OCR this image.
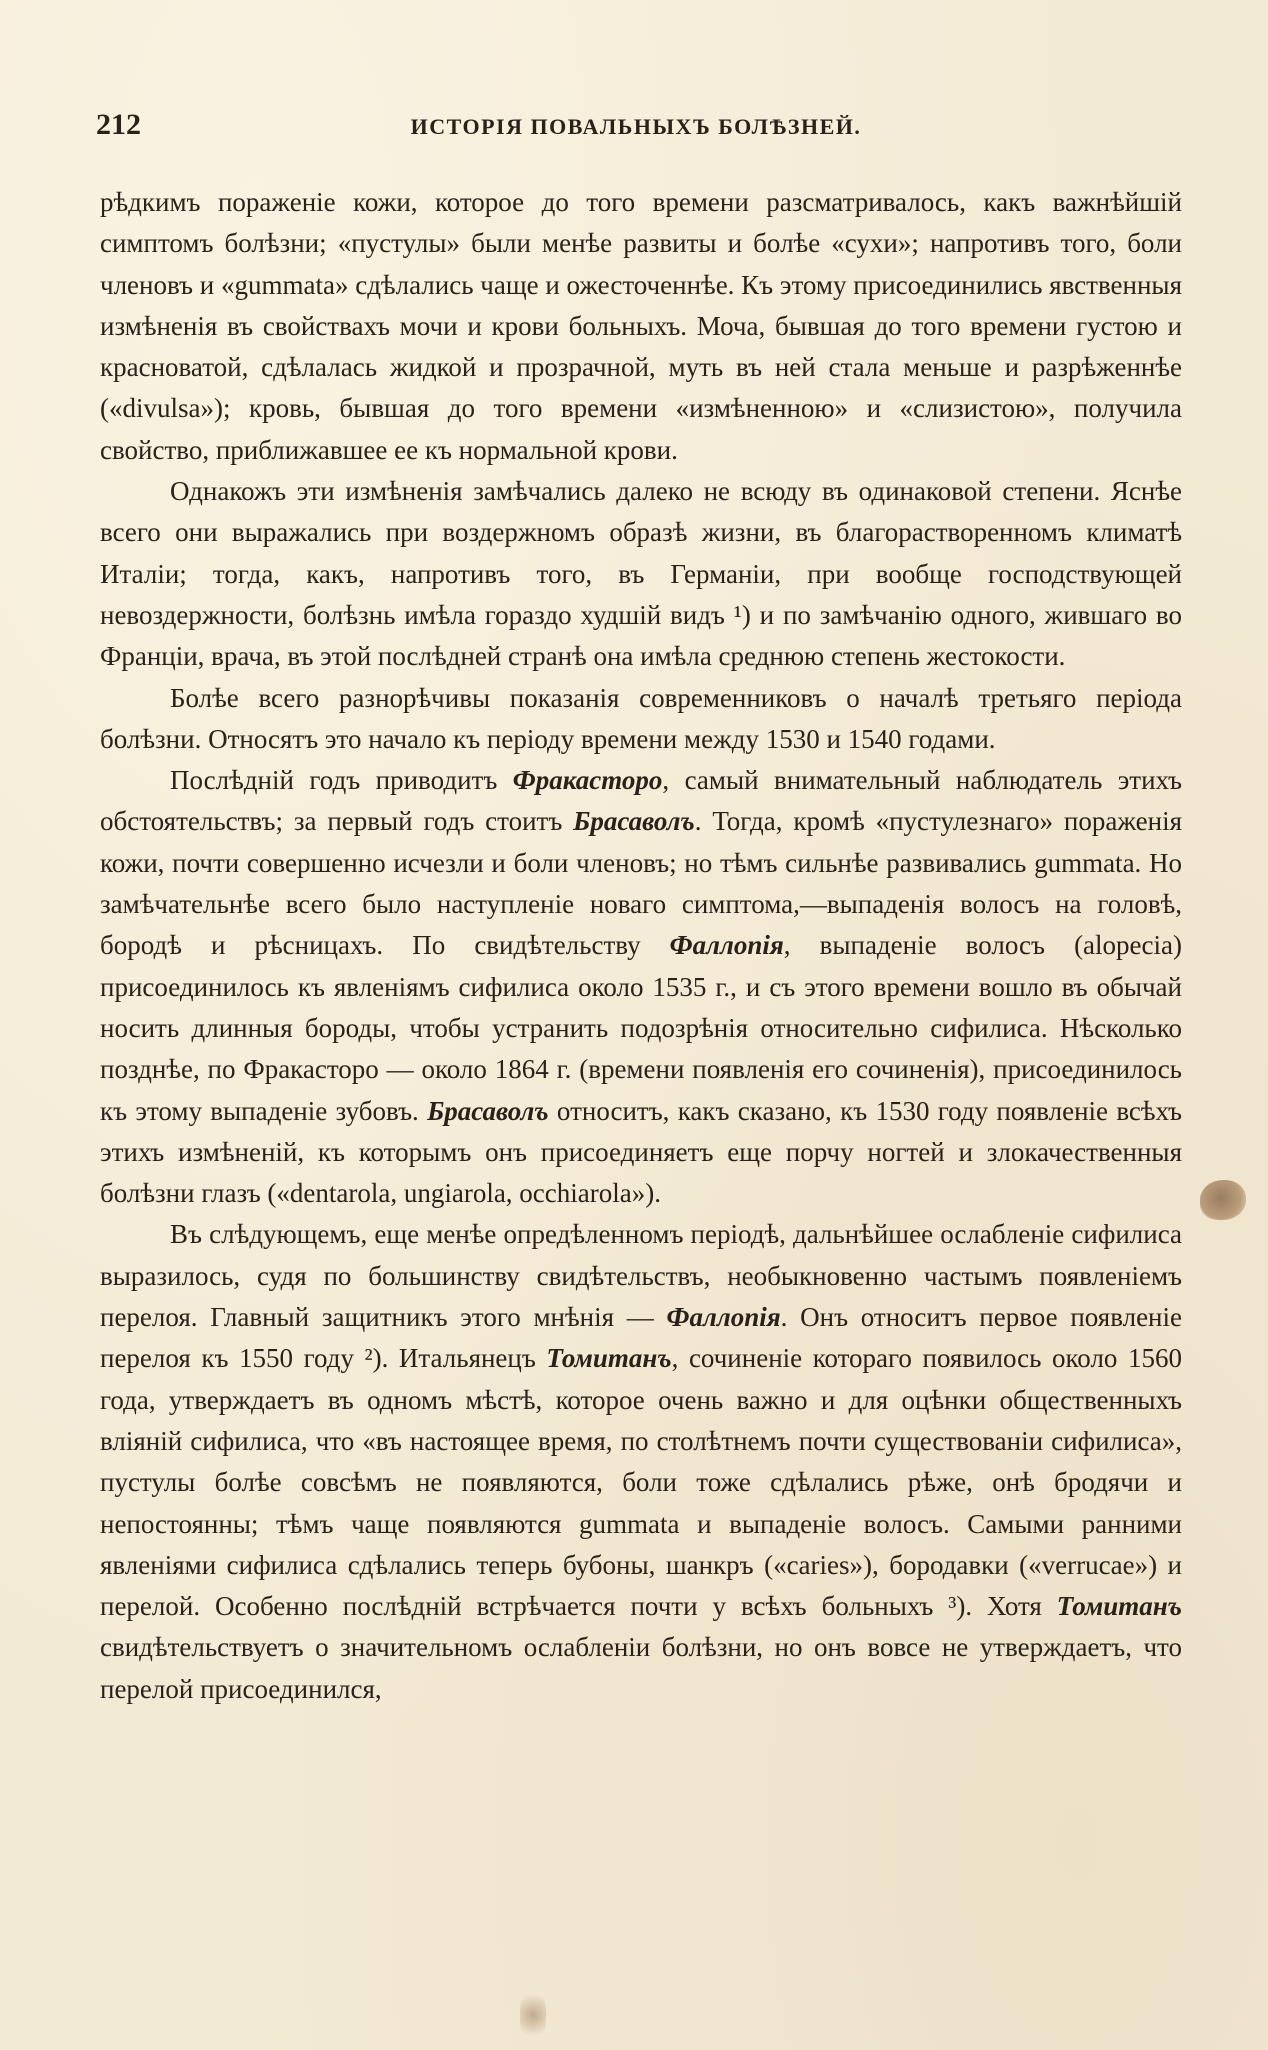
212	ИСТОРІЯ ПОВАЛЬНЫХЪ БОЛѢЗНЕЙ.

рѣдкимъ пораженіе кожи, которое до того времени разсматривалось, какъ важнѣйшій симптомъ болѣзни; «пустулы» были менѣе развиты и болѣе «сухи»; напротивъ того, боли членовъ и «gummata» сдѣлались чаще и ожесточеннѣе. Къ этому присоединились явственныя измѣненія въ свойствахъ мочи и крови больныхъ. Моча, бывшая до того времени густою и красноватой, сдѣлалась жидкой и прозрачной, муть въ ней стала меньше и разрѣженнѣе («divulsa»); кровь, бывшая до того времени «измѣненною» и «слизистою», получила свойство, приближавшее ее къ нормальной крови.

Однакожъ эти измѣненія замѣчались далеко не всюду въ одинаковой степени. Яснѣе всего они выражались при воздержномъ образѣ жизни, въ благорастворенномъ климатѣ Италіи; тогда, какъ, напротивъ того, въ Германіи, при вообще господствующей невоздержности, болѣзнь имѣла гораздо худшій видъ ¹) и по замѣчанію одного, жившаго во Франціи, врача, въ этой послѣдней странѣ она имѣла среднюю степень жестокости.

Болѣе всего разнорѣчивы показанія современниковъ о началѣ третьяго періода болѣзни. Относятъ это начало къ періоду времени между 1530 и 1540 годами.

Послѣдній годъ приводитъ Фракасторо, самый внимательный наблюдатель этихъ обстоятельствъ; за первый годъ стоитъ Брасаволъ. Тогда, кромѣ «пустулезнаго» пораженія кожи, почти совершенно исчезли и боли членовъ; но тѣмъ сильнѣе развивались gummata. Но замѣчательнѣе всего было наступленіе новаго симптома,—выпаденія волосъ на головѣ, бородѣ и рѣсницахъ. По свидѣтельству Фаллопія, выпаденіе волосъ (alopecia) присоединилось къ явленіямъ сифилиса около 1535 г., и съ этого времени вошло въ обычай носить длинныя бороды, чтобы устранить подозрѣнія относительно сифилиса. Нѣсколько позднѣе, по Фракасторо — около 1864 г. (времени появленія его сочиненія), присоединилось къ этому выпаденіе зубовъ. Брасаволъ относитъ, какъ сказано, къ 1530 году появленіе всѣхъ этихъ измѣненій, къ которымъ онъ присоединяетъ еще порчу ногтей и злокачественныя болѣзни глазъ («dentarola, ungiarola, occhiarola»).

Въ слѣдующемъ, еще менѣе опредѣленномъ періодѣ, дальнѣйшее ослабленіе сифилиса выразилось, судя по большинству свидѣтельствъ, необыкновенно частымъ появленіемъ перелоя. Главный защитникъ этого мнѣнія — Фаллопія. Онъ относитъ первое появленіе перелоя къ 1550 году ²). Итальянецъ Томитанъ, сочиненіе котораго появилось около 1560 года, утверждаетъ въ одномъ мѣстѣ, которое очень важно и для оцѣнки общественныхъ вліяній сифилиса, что «въ настоящее время, по столѣтнемъ почти существованіи сифилиса», пустулы болѣе совсѣмъ не появляются, боли тоже сдѣлались рѣже, онѣ бродячи и непостоянны; тѣмъ чаще появляются gummata и выпаденіе волосъ. Самыми ранними явленіями сифилиса сдѣлались теперь бубоны, шанкръ («caries»), бородавки («verrucae») и перелой. Особенно послѣдній встрѣчается почти у всѣхъ больныхъ ³). Хотя Томитанъ свидѣтельствуетъ о значительномъ ослабленіи болѣзни, но онъ вовсе не утверждаетъ, что перелой присоединился,
